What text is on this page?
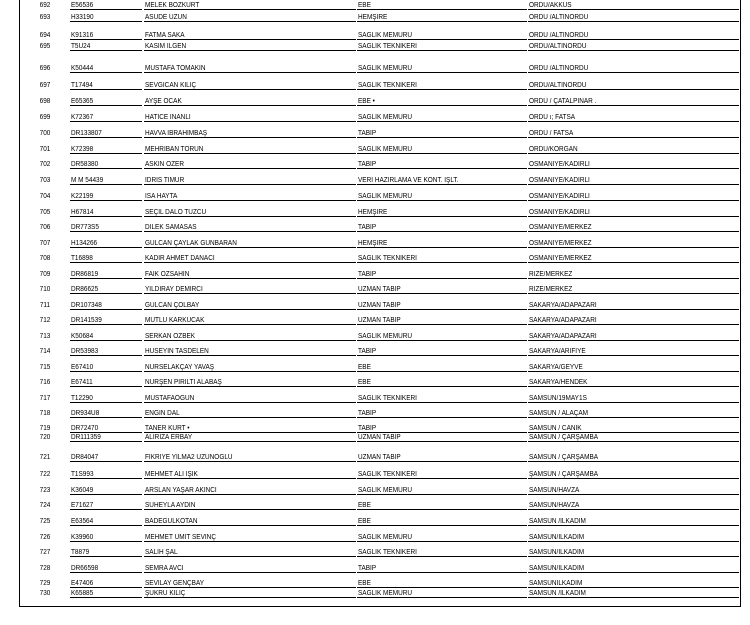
692	E56536	MELEK BOZKURT	EBE	ORDU/AKKUS
693	H33190	ASUDE UZUN	HEMŞİRE	ORDU /ALTINORDU
694	K91316	FATMA SAKA	SAGLIK MEMURU	ORDU /ALTINORDU
695	T5U24	KASIM ILGEN	SAGLIK TEKNIKERI	ORDU/ALTINORDU
696	K50444	MUSTAFA TOMAKIN	SAGLIK MEMURU	ORDU /ALTINORDU
697	T17494	SEVGICAN KILIÇ	SAGLIK TEKNIKERI	ORDU/ALTINORDU
698	E65365	AYŞE OCAK	EBE •	ORDU / ÇATALPINAR .
699	K72367	HATICE INANLI	SAGLIK MEMURU	ORDU ı; FATSA
700	DR133807	HAVVA IBRAHIMBAŞ	TABIP	ORDU / FATSA
701	K72398	MEHRIBAN TORUN	SAGLIK MEMURU	ORDU/KORGAN
702	DR58380	ASKIN OZER	TABIP	OSMANIYE/KADIRLI
703	M M 54439	IDRIS TIMUR	VERI HAZIRLAMA VE KONT. IŞLT.	OSMANIYE/KADIRLI
704	K22199	ISA HAYTA	SAGLIK MEMURU	OSMANIYE/KADIRLI
705	H67814	SEÇIL DALO TUZCU	HEMŞIRE	OSMANIYE/KADIRLI
706	DR773S5	DILEK SAMASAS	TABIP	OSMANIYE/MERKEZ
707	H134266	GULCAN ÇAYLAK GUNBARAN	HEMŞIRE	OSMANIYE/MERKEZ
708	T16898	KADIR AHMET DANACI	SAGLIK TEKNIKERI	OSMANIYE/MERKEZ
709	DR86819	FAIK OZSAHIN	TABIP	RIZE/MERKEZ
710	DR86625	YILDIRAY DEMIRCI	UZMAN TABIP	RIZE/MERKEZ
711	DR107348	GULCAN ÇOLBAY	UZMAN TABIP	SAKARYA/ADAPAZARI
712	DR141539	MUTLU KARKUCAK	UZMAN TABIP	SAKARYA/ADAPAZARI
713	K50684	SERKAN OZBEK	SAGLIK MEMURU	SAKARYA/ADAPAZARI
714	DR53983	HUSEYIN TASDELEN	TABIP	SAKARYA/ARIFIYE
715	E67410	NURSELAKÇAY YAVAŞ	EBE	SAKARYA/GEYVE
716	E67411	NURŞEN PIRILTI ALABAŞ	EBE	SAKARYA/HENDEK
717	T12290	MUSTAFAOGUN	SAGLIK TEKNIKERI	SAMSUN/19MAY1S
718	DR934U8	ENGIN DAL	TABIP	SAMSUN / ALAÇAM
719	DR72470	TANER KURT •	TABIP	SAMSUN / CANIK
720	DR111359	ALIRIZA ERBAY	UZMAN TABIP	SAMSUN / ÇARŞAMBA
721	DR84047	FIKRIYE YILMA2 UZUNOGLU	UZMAN TABIP	SAMSUN / ÇARŞAMBA
722	T1S993	MEHMET ALI IŞIK	SAGLIK TEKNIKERI	ŞAMSUN / ÇARŞAMBA
723	K36049	ARSLAN YAŞAR AKINCI	SAGLIK MEMURU	SAMSUN/HAVZA
724	E71627	SUHEYLA AYDIN	EBE	SAMSUN/HAVZA
725	E63564	BADEGULKOTAN	EBE	SAMSUN /ILKADIM
726	K39960	MEHMET UMIT SEVINÇ	SAGLIK MEMURU	SAMSUN/ILKADIM
727	T8879	SALIH ŞAL	SAGLIK TEKNIKERI	SAMSUN/ILKADIM
728	DR66598	SEMRA AVCI	TABIP	SAMSUN/ILKADIM
729	E47406	SEVILAY GENÇBAY	EBE	SAMSUNILKADIM
730	K65885	ŞUKRU KILIÇ	SAGLIK MEMURU	SAMSUN /ILKADIM
